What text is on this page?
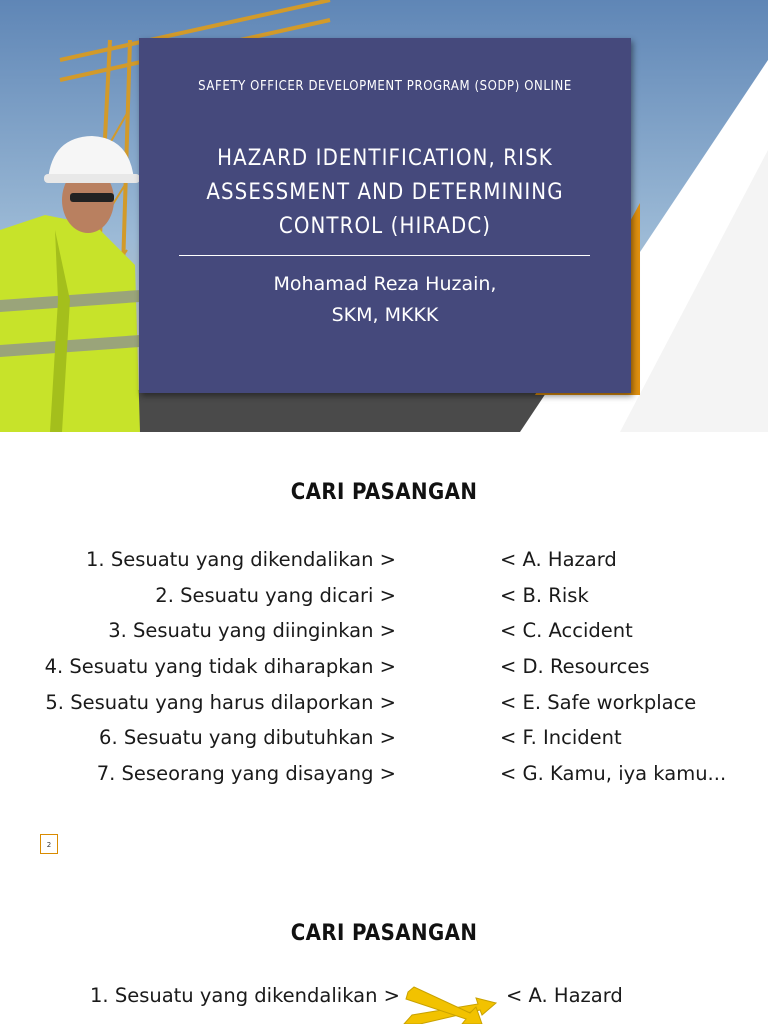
SAFETY OFFICER DEVELOPMENT PROGRAM (SODP) ONLINE
HAZARD IDENTIFICATION, RISK ASSESSMENT AND DETERMINING CONTROL (HIRADC)
Mohamad Reza Huzain,
SKM, MKKK
CARI PASANGAN
1. Sesuatu yang dikendalikan >
2. Sesuatu yang dicari >
3. Sesuatu yang diinginkan >
4. Sesuatu yang tidak diharapkan >
5. Sesuatu yang harus dilaporkan >
6. Sesuatu yang dibutuhkan >
7. Seseorang yang disayang >
< A. Hazard
< B. Risk
< C. Accident
< D. Resources
< E. Safe workplace
< F. Incident
< G. Kamu, iya kamu...
2
CARI PASANGAN
1. Sesuatu yang dikendalikan >	< A. Hazard
